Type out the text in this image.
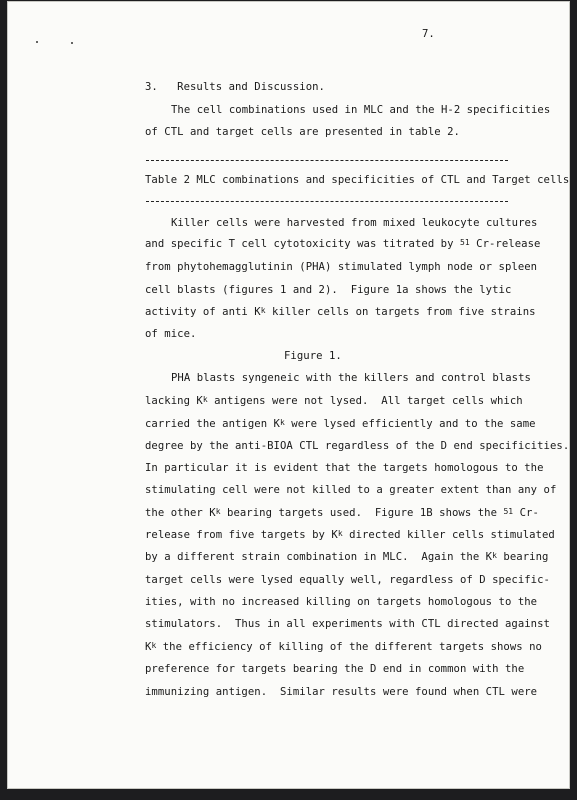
7.
3.   Results and Discussion.
The cell combinations used in MLC and the H-2 specificities
of CTL and target cells are presented in table 2.
Table 2 MLC combinations and specificities of CTL and Target cells
Killer cells were harvested from mixed leukocyte cultures
and specific T cell cytotoxicity was titrated by $^{51}$ Cr-release
from phytohemagglutinin (PHA) stimulated lymph node or spleen
cell blasts (figures 1 and 2).  Figure 1a shows the lytic
activity of anti $K^k$ killer cells on targets from five strains
of mice.
Figure 1.
PHA blasts syngeneic with the killers and control blasts
lacking $K^k$ antigens were not lysed.  All target cells which
carried the antigen $K^k$ were lysed efficiently and to the same
degree by the anti-BIOA CTL regardless of the D end specificities.
In particular it is evident that the targets homologous to the
stimulating cell were not killed to a greater extent than any of
the other $K^k$ bearing targets used.  Figure 1B shows the $^{51}$ Cr-
release from five targets by $K^k$ directed killer cells stimulated
by a different strain combination in MLC.  Again the $K^k$ bearing
target cells were lysed equally well, regardless of D specific-
ities, with no increased killing on targets homologous to the
stimulators.  Thus in all experiments with CTL directed against
$K^k$ the efficiency of killing of the different targets shows no
preference for targets bearing the D end in common with the
immunizing antigen.  Similar results were found when CTL were
